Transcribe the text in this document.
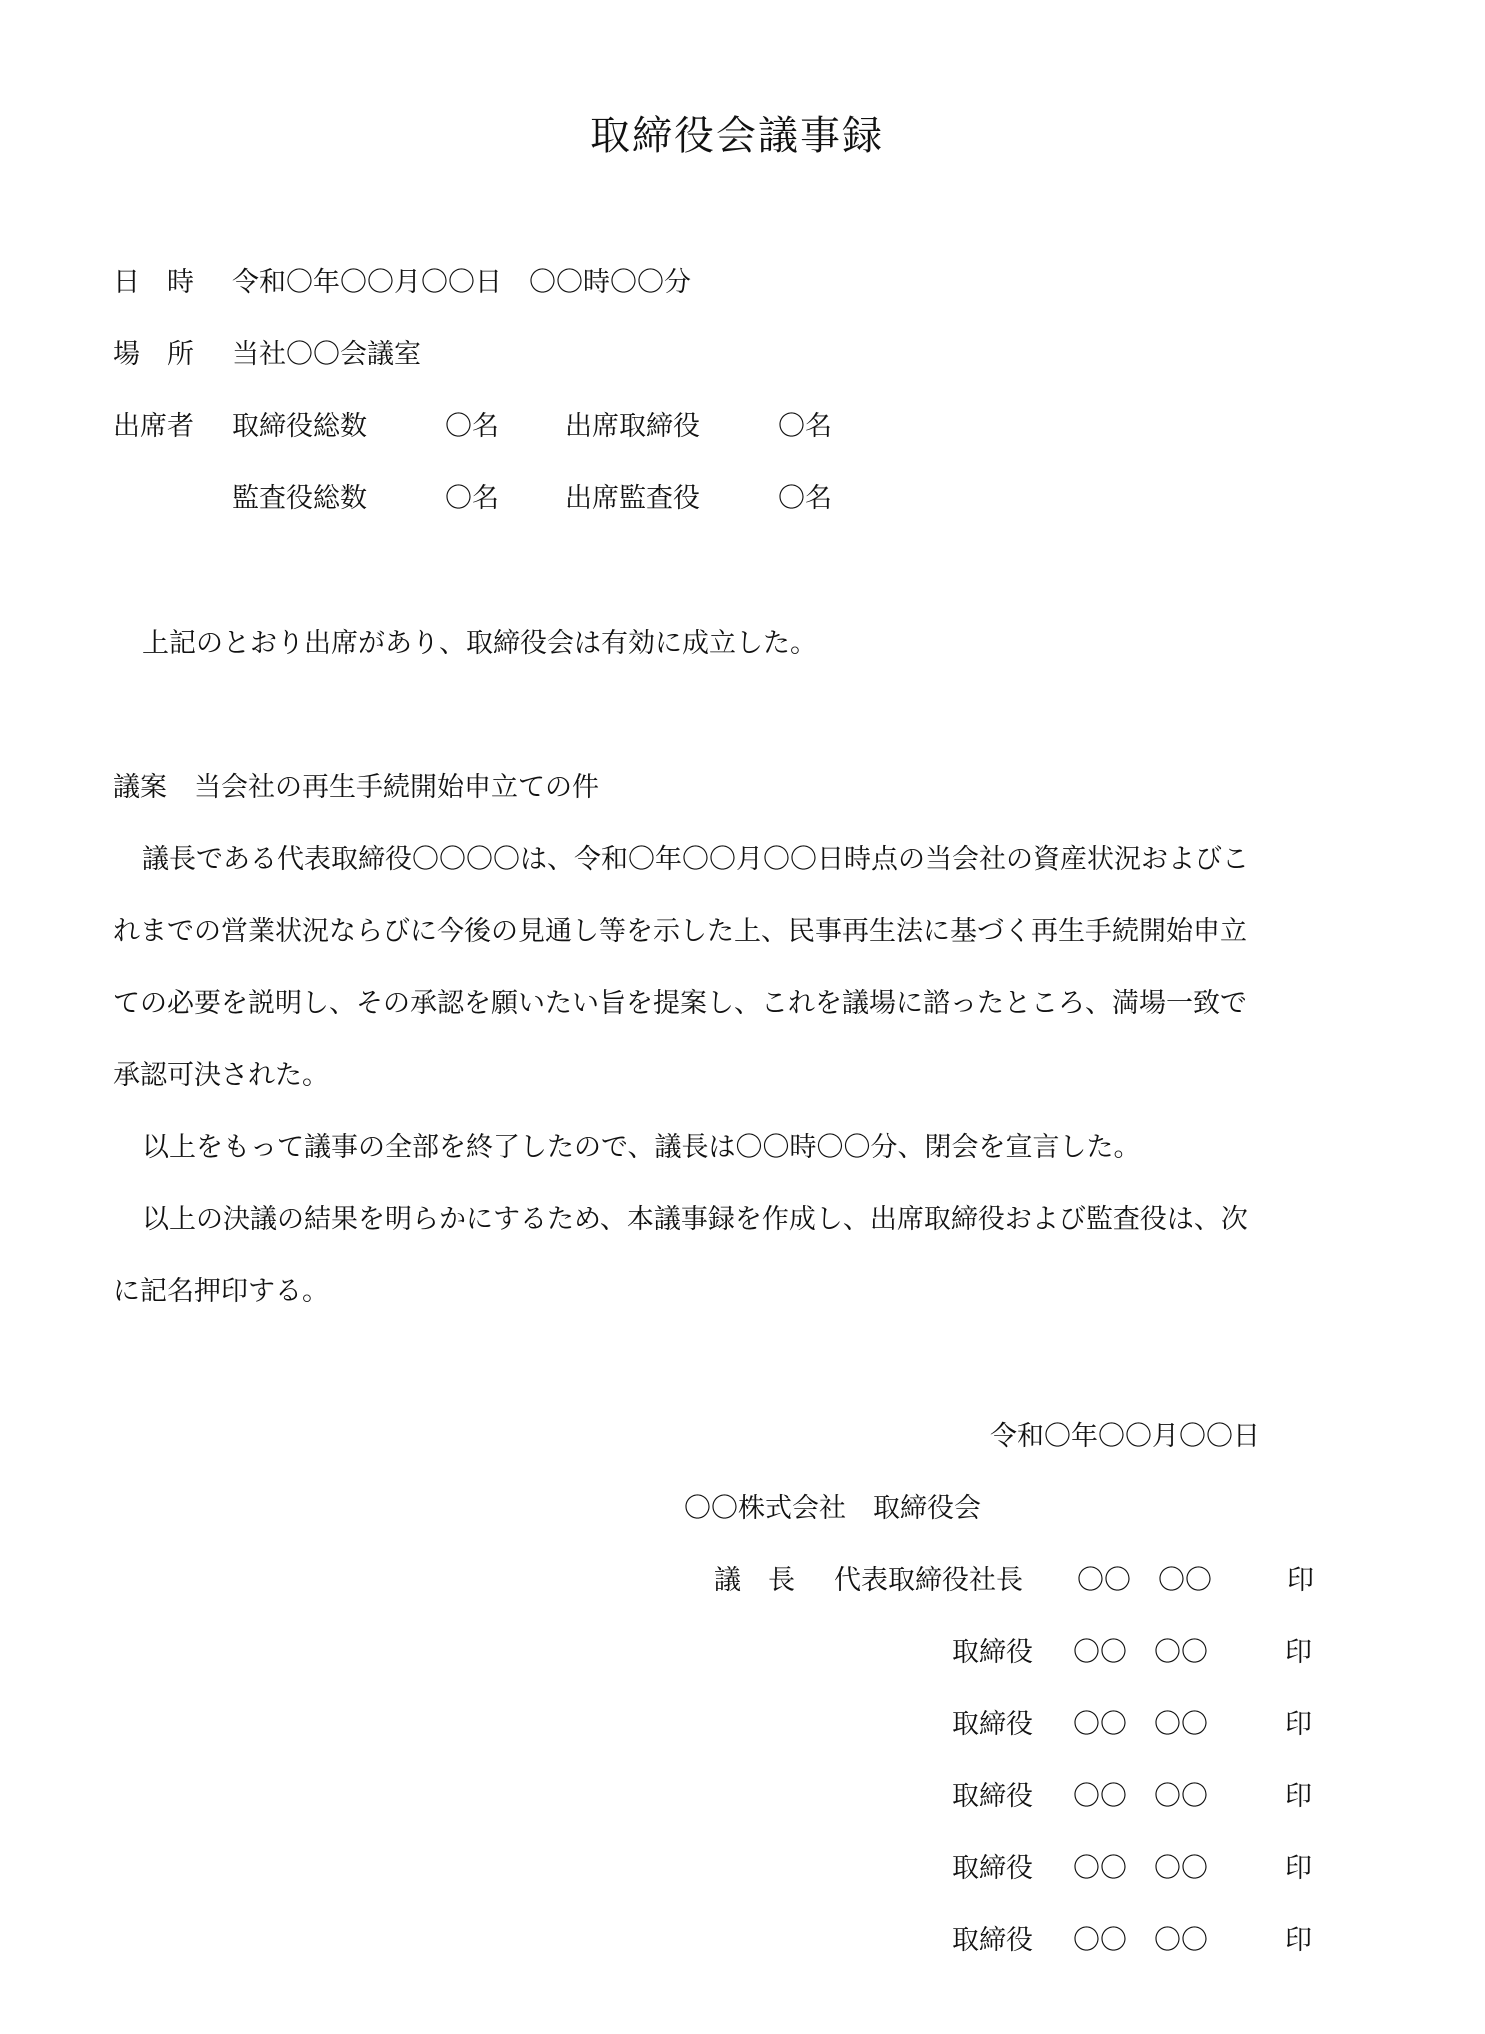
取締役会議事録
日　時 令和〇年〇〇月〇〇日　〇〇時〇〇分
場　所 当社〇〇会議室
出席者 取締役総数	〇名 出席取締役	〇名
監査役総数	〇名 出席監査役	〇名
上記のとおり出席があり、取締役会は有効に成立した。
議案　当会社の再生手続開始申立ての件
議長である代表取締役〇〇〇〇は、令和〇年〇〇月〇〇日時点の当会社の資産状況およびこ
れまでの営業状況ならびに今後の見通し等を示した上、民事再生法に基づく再生手続開始申立
ての必要を説明し、その承認を願いたい旨を提案し、これを議場に諮ったところ、満場一致で
承認可決された。
以上をもって議事の全部を終了したので、議長は〇〇時〇〇分、閉会を宣言した。
以上の決議の結果を明らかにするため、本議事録を作成し、出席取締役および監査役は、次
に記名押印する。
令和〇年〇〇月〇〇日
〇〇株式会社　取締役会
議　長 代表取締役社長 〇〇　〇〇	印
取締役 〇〇　〇〇	印
取締役 〇〇　〇〇	印
取締役 〇〇　〇〇	印
取締役 〇〇　〇〇	印
取締役 〇〇　〇〇	印
